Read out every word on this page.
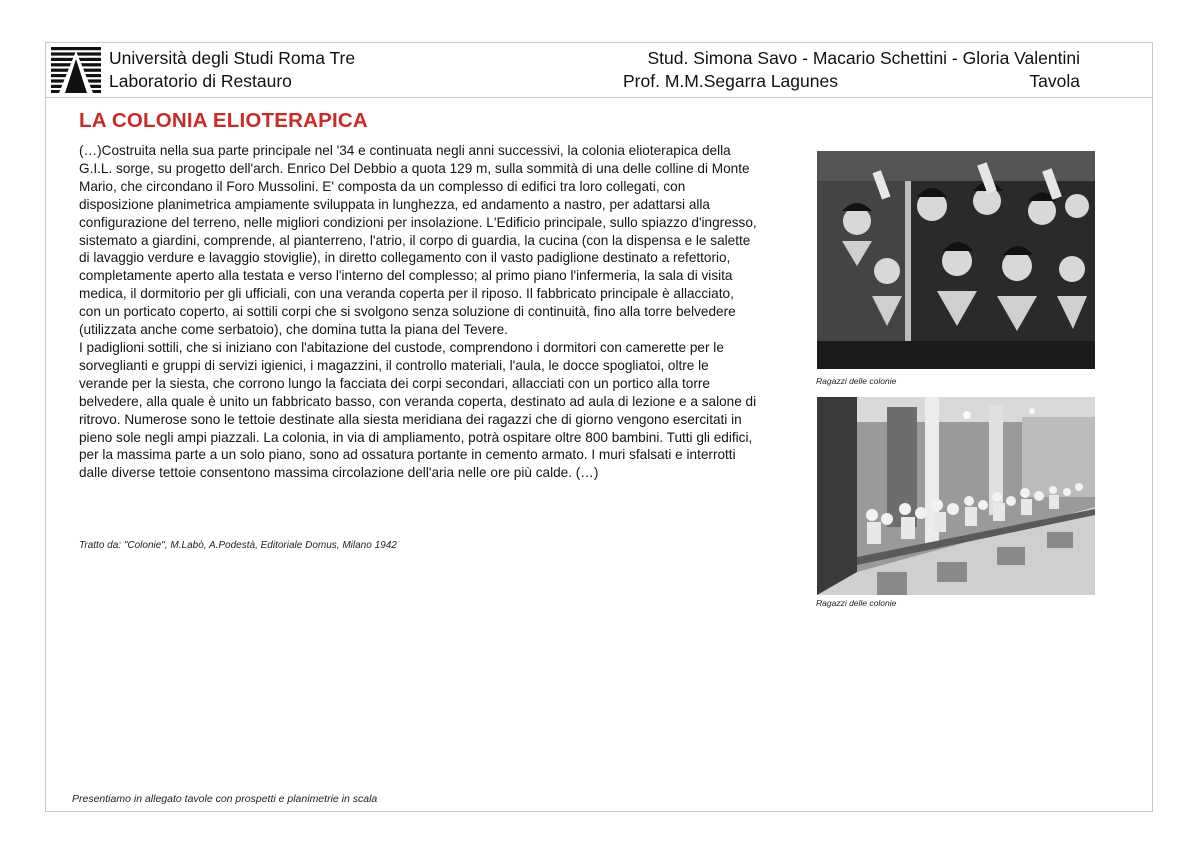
Università degli Studi Roma Tre
Laboratorio di Restauro
Stud. Simona Savo - Macario Schettini - Gloria Valentini
Prof. M.M.Segarra Lagunes	Tavola
LA COLONIA ELIOTERAPICA

(…)Costruita nella sua parte principale nel '34 e continuata negli anni successivi, la colonia elioterapica della G.I.L. sorge, su progetto dell'arch. Enrico Del Debbio a quota 129 m, sulla sommità di una delle colline di Monte Mario, che circondano il Foro Mussolini. E' composta da un complesso di edifici tra loro collegati, con disposizione planimetrica ampiamente sviluppata in lunghezza, ed andamento a nastro, per adattarsi alla configurazione del terreno, nelle migliori condizioni per insolazione. L'Edificio principale, sullo spiazzo d'ingresso, sistemato a giardini, comprende, al pianterreno, l'atrio, il corpo di guardia, la cucina (con la dispensa e le salette di lavaggio verdure e lavaggio stoviglie), in diretto collegamento con il vasto padiglione destinato a refettorio, completamente aperto alla testata e verso l'interno del complesso; al primo piano l'infermeria, la sala di visita medica, il dormitorio per gli ufficiali, con una veranda coperta per il riposo. Il fabbricato principale è allacciato, con un porticato coperto, ai sottili corpi che si svolgono senza soluzione di continuità, fino alla torre belvedere (utilizzata anche come serbatoio), che domina tutta la piana del Tevere.

I padiglioni sottili, che si iniziano con l'abitazione del custode, comprendono i dormitori con camerette per le sorveglianti e gruppi di servizi igienici, i magazzini, il controllo materiali, l'aula, le docce spogliatoi, oltre le verande per la siesta, che corrono lungo la facciata dei corpi secondari, allacciati con un portico alla torre belvedere, alla quale è unito un fabbricato basso, con veranda coperta, destinato ad aula di lezione e a salone di ritrovo. Numerose sono le tettoie destinate alla siesta meridiana dei ragazzi che di giorno vengono esercitati in pieno sole negli ampi piazzali. La colonia, in via di ampliamento, potrà ospitare oltre 800 bambini. Tutti gli edifici, per la massima parte a un solo piano, sono ad ossatura portante in cemento armato. I muri sfalsati e interrotti dalle diverse tettoie consentono massima circolazione dell'aria nelle ore più calde. (…)

Tratto da: "Colonie", M.Labò, A.Podestà, Editoriale Domus, Milano 1942
Ragazzi delle colonie
Ragazzi delle colonie
Presentiamo in allegato tavole con prospetti e planimetrie in scala
